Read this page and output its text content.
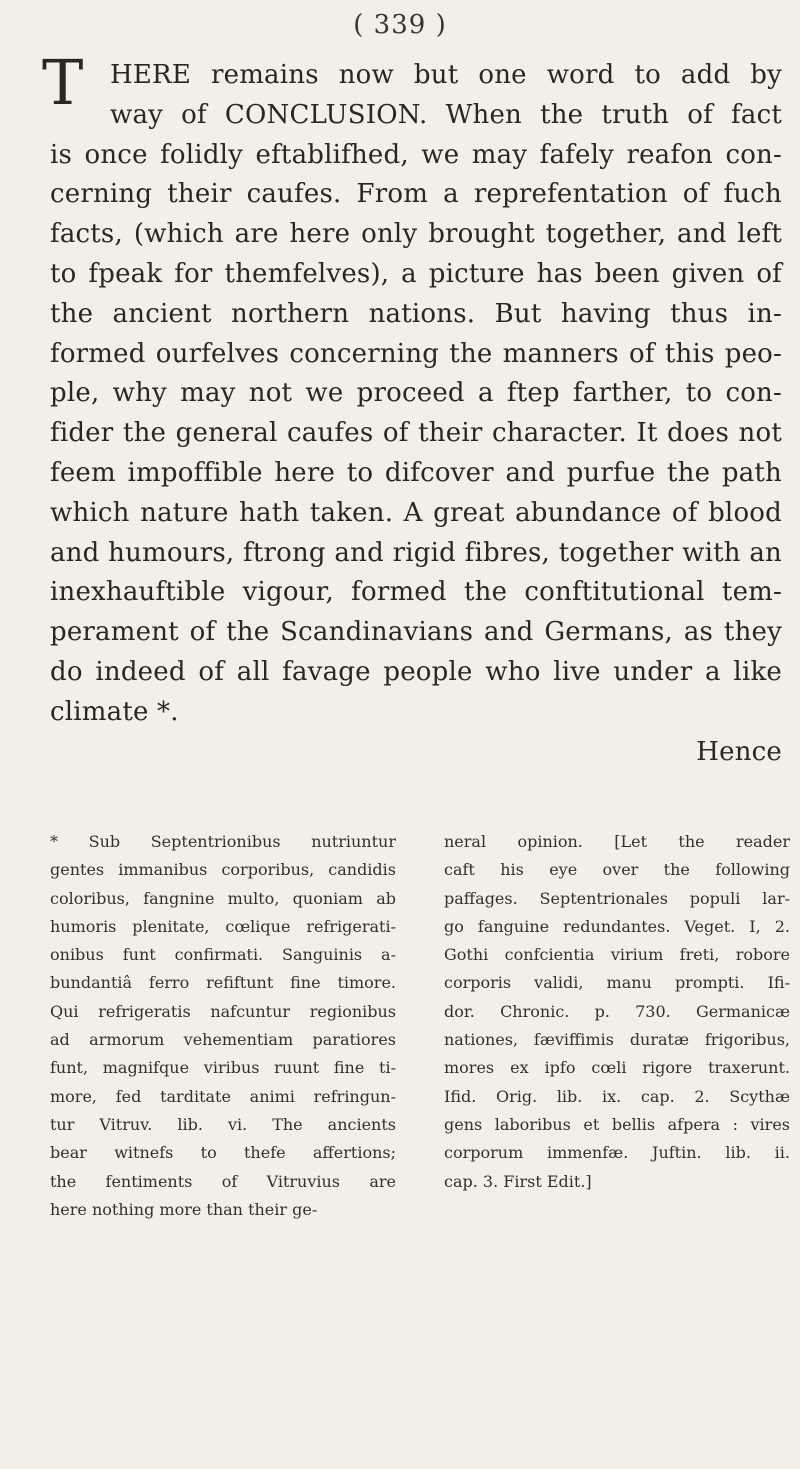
( 339 )
T HERE remains now but one word to add by
way of CONCLUSION. When the truth of fact
is once folidly eftablifhed, we may fafely reafon con-
cerning their caufes. From a reprefentation of fuch
facts, (which are here only brought together, and left
to fpeak for themfelves), a picture has been given of
the ancient northern nations. But having thus in-
formed ourfelves concerning the manners of this peo-
ple, why may not we proceed a ftep farther, to con-
fider the general caufes of their character. It does not
feem impoffible here to difcover and purfue the path
which nature hath taken. A great abundance of blood
and humours, ftrong and rigid fibres, together with an
inexhauftible vigour, formed the conftitutional tem-
perament of the Scandinavians and Germans, as they
do indeed of all favage people who live under a like
climate *.
Hence
* Sub Septentrionibus nutriuntur
gentes immanibus corporibus, candidis
coloribus, fangnine multo, quoniam ab
humoris plenitate, cœlique refrigerati-
onibus funt confirmati. Sanguinis a-
bundantiâ ferro refiftunt fine timore.
Qui refrigeratis nafcuntur regionibus
ad armorum vehementiam paratiores
funt, magnifque viribus ruunt fine ti-
more, fed tarditate animi refringun-
tur Vitruv. lib. vi. The ancients
bear witnefs to thefe affertions;
the fentiments of Vitruvius are
here nothing more than their ge-
neral opinion. [Let the reader
caft his eye over the following
paffages. Septentrionales populi lar-
go fanguine redundantes. Veget. I, 2.
Gothi confcientia virium freti, robore
corporis validi, manu prompti. Ifi-
dor. Chronic. p. 730. Germanicæ
nationes, fæviffimis duratæ frigoribus,
mores ex ipfo cœli rigore traxerunt.
Ifid. Orig. lib. ix. cap. 2. Scythæ
gens laboribus et bellis afpera : vires
corporum immenfæ. Juftin. lib. ii.
cap. 3. First Edit.]
